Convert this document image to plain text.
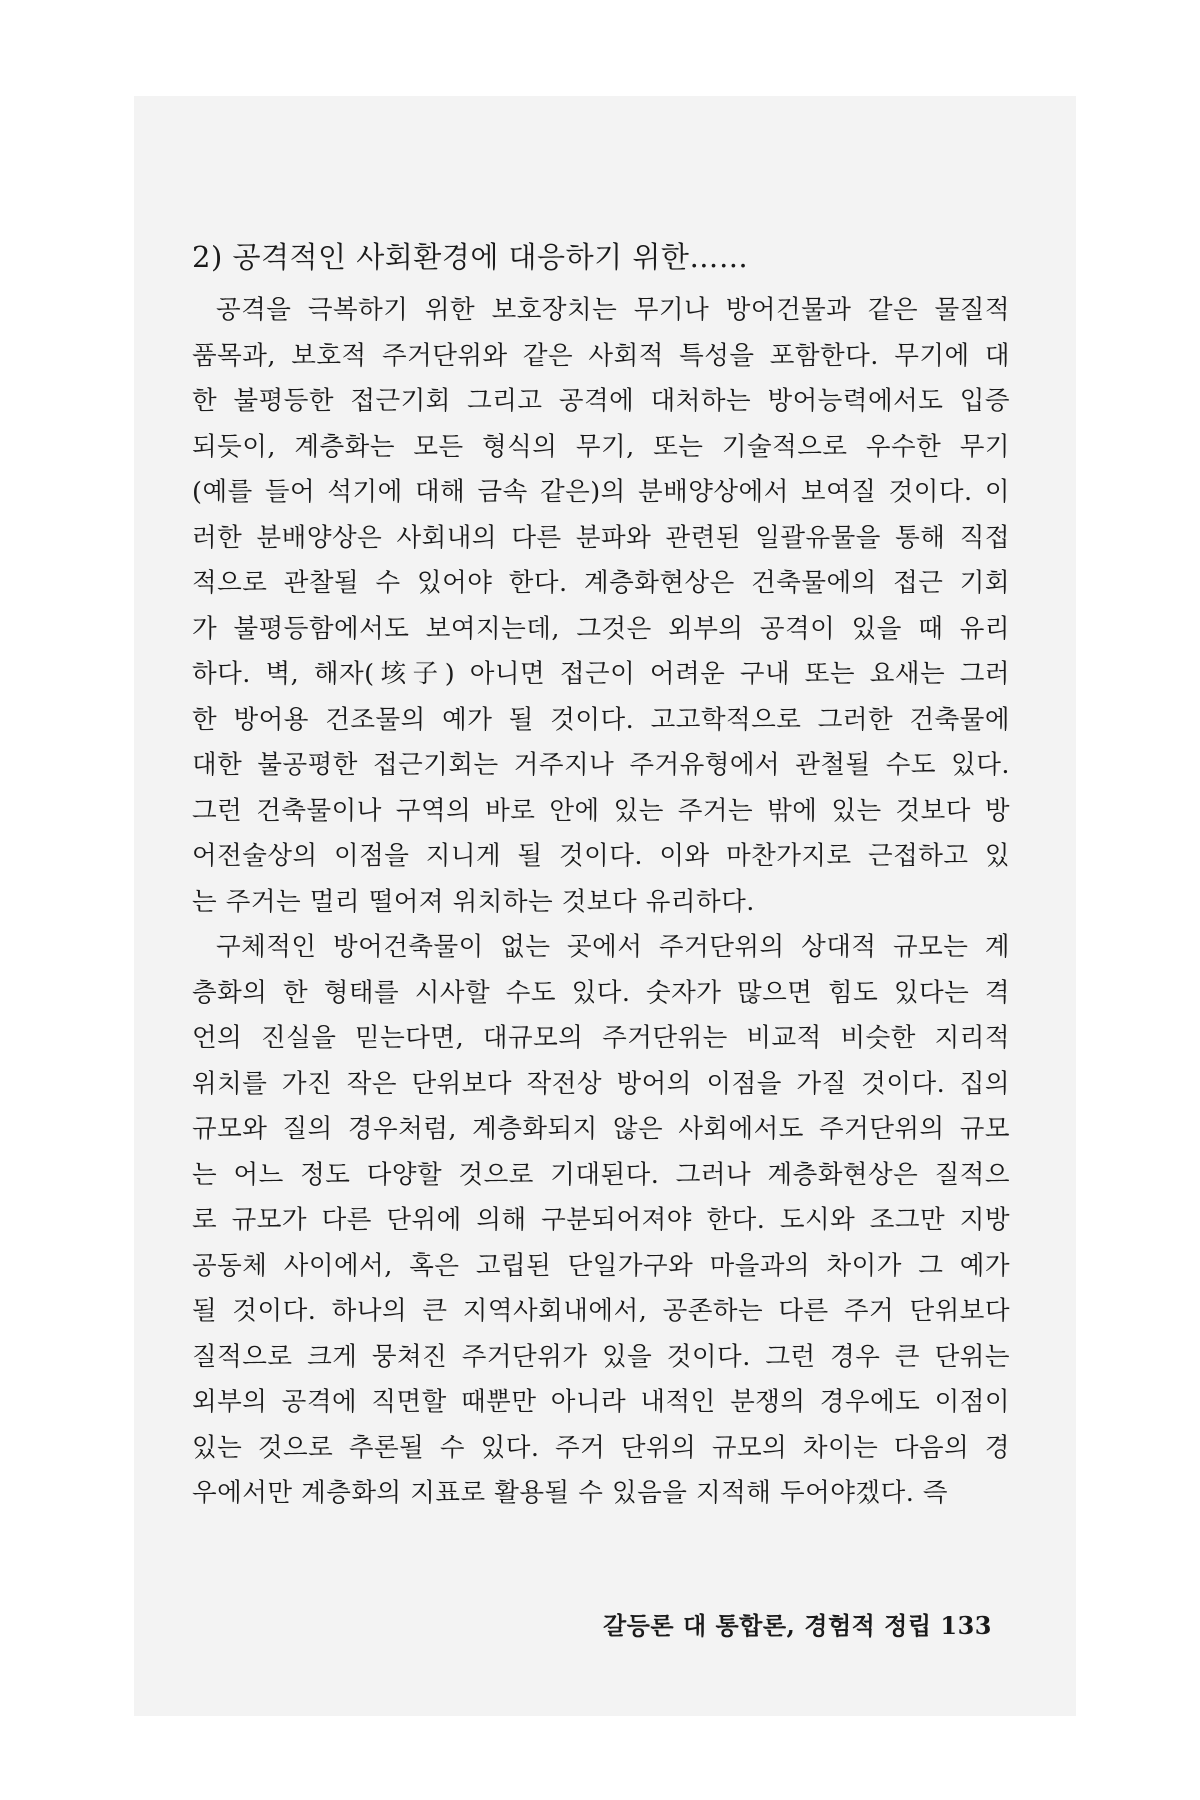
2) 공격적인 사회환경에 대응하기 위한……
공격을 극복하기 위한 보호장치는 무기나 방어건물과 같은 물질적
품목과, 보호적 주거단위와 같은 사회적 특성을 포함한다. 무기에 대
한 불평등한 접근기회 그리고 공격에 대처하는 방어능력에서도 입증
되듯이, 계층화는 모든 형식의 무기, 또는 기술적으로 우수한 무기
(예를 들어 석기에 대해 금속 같은)의 분배양상에서 보여질 것이다. 이
러한 분배양상은 사회내의 다른 분파와 관련된 일괄유물을 통해 직접
적으로 관찰될 수 있어야 한다. 계층화현상은 건축물에의 접근 기회
가 불평등함에서도 보여지는데, 그것은 외부의 공격이 있을 때 유리
하다. 벽, 해자(垓子) 아니면 접근이 어려운 구내 또는 요새는 그러
한 방어용 건조물의 예가 될 것이다. 고고학적으로 그러한 건축물에
대한 불공평한 접근기회는 거주지나 주거유형에서 관철될 수도 있다.
그런 건축물이나 구역의 바로 안에 있는 주거는 밖에 있는 것보다 방
어전술상의 이점을 지니게 될 것이다. 이와 마찬가지로 근접하고 있
는 주거는 멀리 떨어져 위치하는 것보다 유리하다.
구체적인 방어건축물이 없는 곳에서 주거단위의 상대적 규모는 계
층화의 한 형태를 시사할 수도 있다. 숫자가 많으면 힘도 있다는 격
언의 진실을 믿는다면, 대규모의 주거단위는 비교적 비슷한 지리적
위치를 가진 작은 단위보다 작전상 방어의 이점을 가질 것이다. 집의
규모와 질의 경우처럼, 계층화되지 않은 사회에서도 주거단위의 규모
는 어느 정도 다양할 것으로 기대된다. 그러나 계층화현상은 질적으
로 규모가 다른 단위에 의해 구분되어져야 한다. 도시와 조그만 지방
공동체 사이에서, 혹은 고립된 단일가구와 마을과의 차이가 그 예가
될 것이다. 하나의 큰 지역사회내에서, 공존하는 다른 주거 단위보다
질적으로 크게 뭉쳐진 주거단위가 있을 것이다. 그런 경우 큰 단위는
외부의 공격에 직면할 때뿐만 아니라 내적인 분쟁의 경우에도 이점이
있는 것으로 추론될 수 있다. 주거 단위의 규모의 차이는 다음의 경
우에서만 계층화의 지표로 활용될 수 있음을 지적해 두어야겠다. 즉
갈등론 대 통합론, 경험적 정립 133
